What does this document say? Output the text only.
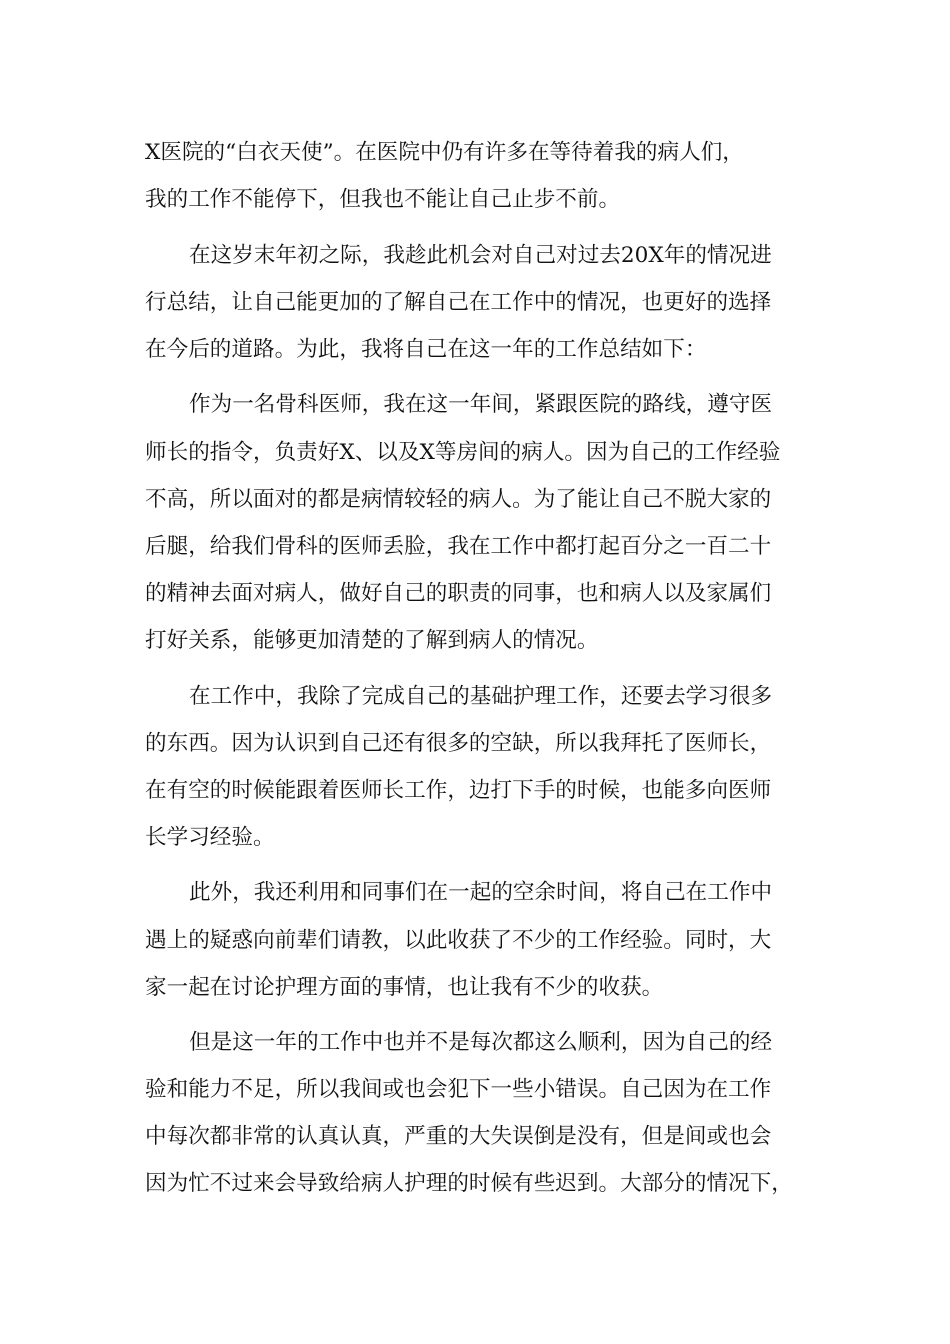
X医院的“白衣天使”。在医院中仍有许多在等待着我的病人们，
我的工作不能停下，但我也不能让自己止步不前。
在这岁末年初之际，我趁此机会对自己对过去20X年的情况进
行总结，让自己能更加的了解自己在工作中的情况，也更好的选择
在今后的道路。为此，我将自己在这一年的工作总结如下：
作为一名骨科医师，我在这一年间，紧跟医院的路线，遵守医
师长的指令，负责好X、以及X等房间的病人。因为自己的工作经验
不高，所以面对的都是病情较轻的病人。为了能让自己不脱大家的
后腿，给我们骨科的医师丢脸，我在工作中都打起百分之一百二十
的精神去面对病人，做好自己的职责的同事，也和病人以及家属们
打好关系，能够更加清楚的了解到病人的情况。
在工作中，我除了完成自己的基础护理工作，还要去学习很多
的东西。因为认识到自己还有很多的空缺，所以我拜托了医师长，
在有空的时候能跟着医师长工作，边打下手的时候，也能多向医师
长学习经验。
此外，我还利用和同事们在一起的空余时间，将自己在工作中
遇上的疑惑向前辈们请教，以此收获了不少的工作经验。同时，大
家一起在讨论护理方面的事情，也让我有不少的收获。
但是这一年的工作中也并不是每次都这么顺利，因为自己的经
验和能力不足，所以我间或也会犯下一些小错误。自己因为在工作
中每次都非常的认真认真，严重的大失误倒是没有，但是间或也会
因为忙不过来会导致给病人护理的时候有些迟到。大部分的情况下，
